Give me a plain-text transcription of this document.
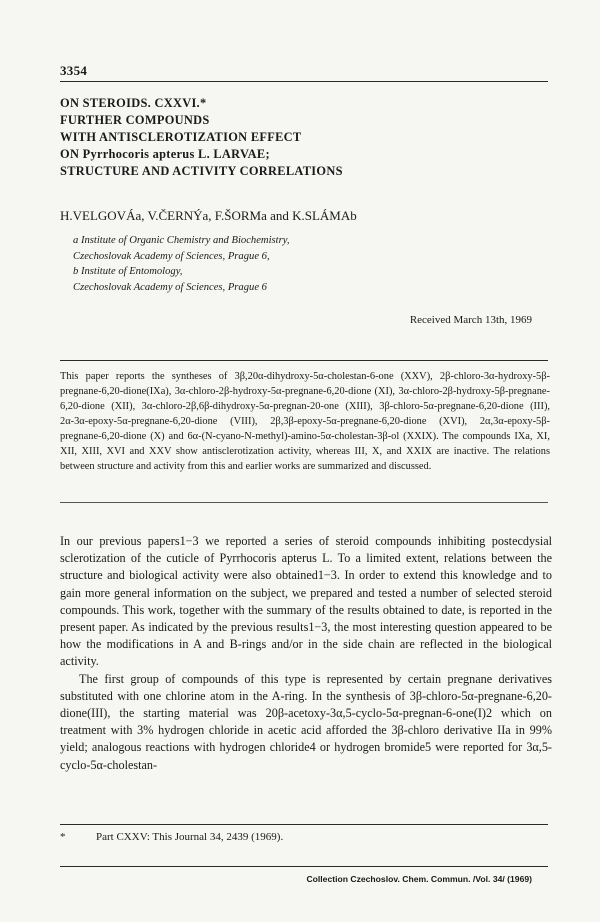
3354
ON STEROIDS. CXXVI.*
FURTHER COMPOUNDS
WITH ANTISCLEROTIZATION EFFECT
ON Pyrrhocoris apterus L. LARVAE;
STRUCTURE AND ACTIVITY CORRELATIONS
H.VELGOVÁa, V.ČERNÝa, F.ŠORMa and K.SLÁMAb
a Institute of Organic Chemistry and Biochemistry,
Czechoslovak Academy of Sciences, Prague 6,
b Institute of Entomology,
Czechoslovak Academy of Sciences, Prague 6
Received March 13th, 1969
This paper reports the syntheses of 3β,20α-dihydroxy-5α-cholestan-6-one (XXV), 2β-chloro-3α-hydroxy-5β-pregnane-6,20-dione(IXa), 3α-chloro-2β-hydroxy-5α-pregnane-6,20-dione (XI), 3α-chloro-2β-hydroxy-5β-pregnane-6,20-dione (XII), 3α-chloro-2β,6β-dihydroxy-5α-pregnan-20-one (XIII), 3β-chloro-5α-pregnane-6,20-dione (III), 2α-3α-epoxy-5α-pregnane-6,20-dione (VIII), 2β,3β-epoxy-5α-pregnane-6,20-dione (XVI), 2α,3α-epoxy-5β-pregnane-6,20-dione (X) and 6α-(N-cyano-N-methyl)-amino-5α-cholestan-3β-ol (XXIX). The compounds IXa, XI, XII, XIII, XVI and XXV show antisclerotization activity, whereas III, X, and XXIX are inactive. The relations between structure and activity from this and earlier works are summarized and discussed.

In our previous papers1−3 we reported a series of steroid compounds inhibiting postecdysial sclerotization of the cuticle of Pyrrhocoris apterus L. To a limited extent, relations between the structure and biological activity were also obtained1−3. In order to extend this knowledge and to gain more general information on the subject, we prepared and tested a number of selected steroid compounds. This work, together with the summary of the results obtained to date, is reported in the present paper. As indicated by the previous results1−3, the most interesting question appeared to be how the modifications in A and B-rings and/or in the side chain are reflected in the biological activity.

The first group of compounds of this type is represented by certain pregnane derivatives substituted with one chlorine atom in the A-ring. In the synthesis of 3β-chloro-5α-pregnane-6,20-dione(III), the starting material was 20β-acetoxy-3α,5-cyclo-5α-pregnan-6-one(I)2 which on treatment with 3% hydrogen chloride in acetic acid afforded the 3β-chloro derivative IIa in 99% yield; analogous reactions with hydrogen chloride4 or hydrogen bromide5 were reported for 3α,5-cyclo-5α-cholestan-

*	Part CXXV: This Journal 34, 2439 (1969).
Collection Czechoslov. Chem. Commun. /Vol. 34/ (1969)
